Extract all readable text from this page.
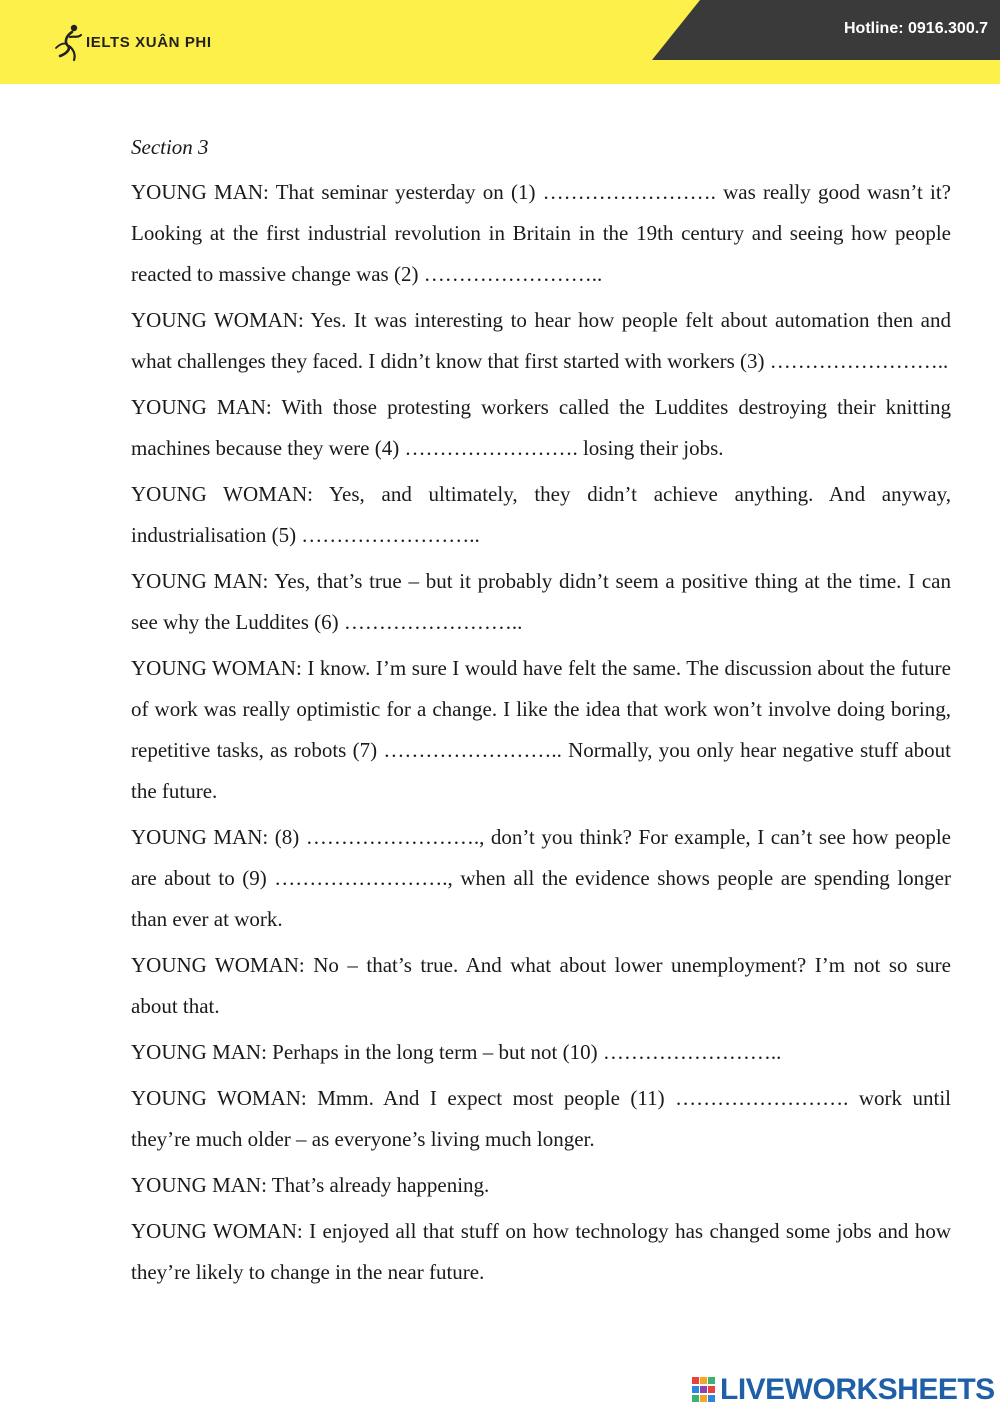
IELTS XUÂN PHI
Hotline: 0916.300.7
Section 3

YOUNG MAN: That seminar yesterday on (1) ……………………. was really good wasn’t it? Looking at the first industrial revolution in Britain in the 19th century and seeing how people reacted to massive change was (2) ……………………..

YOUNG WOMAN: Yes. It was interesting to hear how people felt about automation then and what challenges they faced. I didn’t know that first started with workers (3) ……………………..

YOUNG MAN: With those protesting workers called the Luddites destroying their knitting machines because they were (4) ……………………. losing their jobs.

YOUNG WOMAN: Yes, and ultimately, they didn’t achieve anything. And anyway, industrialisation (5) ……………………..

YOUNG MAN: Yes, that’s true – but it probably didn’t seem a positive thing at the time. I can see why the Luddites (6) ……………………..

YOUNG WOMAN: I know. I’m sure I would have felt the same. The discussion about the future of work was really optimistic for a change. I like the idea that work won’t involve doing boring, repetitive tasks, as robots (7) …………………….. Normally, you only hear negative stuff about the future.

YOUNG MAN: (8) ……………………., don’t you think? For example, I can’t see how people are about to (9) ……………………., when all the evidence shows people are spending longer than ever at work.

YOUNG WOMAN: No – that’s true. And what about lower unemployment? I’m not so sure about that.

YOUNG MAN: Perhaps in the long term – but not (10) ……………………..

YOUNG WOMAN: Mmm. And I expect most people (11) ……………………. work until they’re much older – as everyone’s living much longer.

YOUNG MAN: That’s already happening.

YOUNG WOMAN: I enjoyed all that stuff on how technology has changed some jobs and how they’re likely to change in the near future.

LIVEWORKSHEETS
